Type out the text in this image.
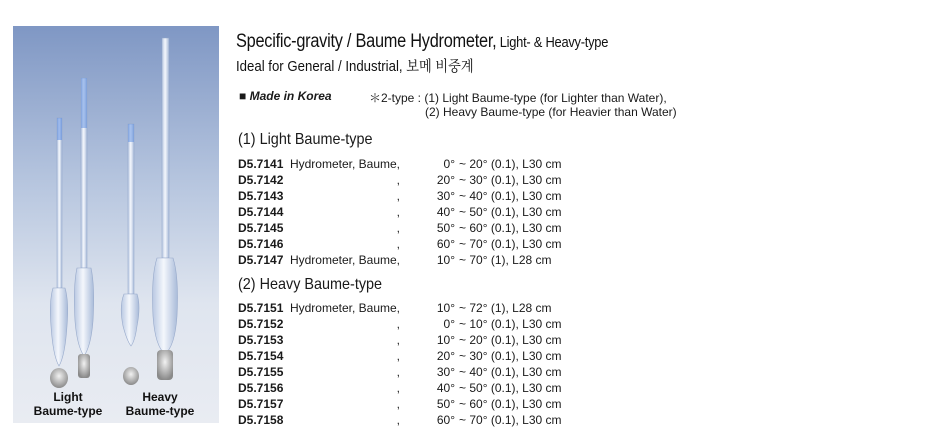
Light
Baume-type
Heavy
Baume-type
Specific-gravity / Baume Hydrometer, Light- & Heavy-type
Ideal for General / Industrial, 보메 비중계
■ Made in Korea	＊2-type : (1) Light Baume-type (for Lighter than Water),
(2) Heavy Baume-type (for Heavier than Water)
(1) Light Baume-type
D5.7141 Hydrometer, Baume,	0° ~ 20° (0.1), L30 cm
D5.7142	,	20° ~ 30° (0.1), L30 cm
D5.7143	,	30° ~ 40° (0.1), L30 cm
D5.7144	,	40° ~ 50° (0.1), L30 cm
D5.7145	,	50° ~ 60° (0.1), L30 cm
D5.7146	,	60° ~ 70° (0.1), L30 cm
D5.7147 Hydrometer, Baume,	10° ~ 70° (1), L28 cm
(2) Heavy Baume-type
D5.7151 Hydrometer, Baume,	10° ~ 72° (1), L28 cm
D5.7152	,	0° ~ 10° (0.1), L30 cm
D5.7153	,	10° ~ 20° (0.1), L30 cm
D5.7154	,	20° ~ 30° (0.1), L30 cm
D5.7155	,	30° ~ 40° (0.1), L30 cm
D5.7156	,	40° ~ 50° (0.1), L30 cm
D5.7157	,	50° ~ 60° (0.1), L30 cm
D5.7158	,	60° ~ 70° (0.1), L30 cm
